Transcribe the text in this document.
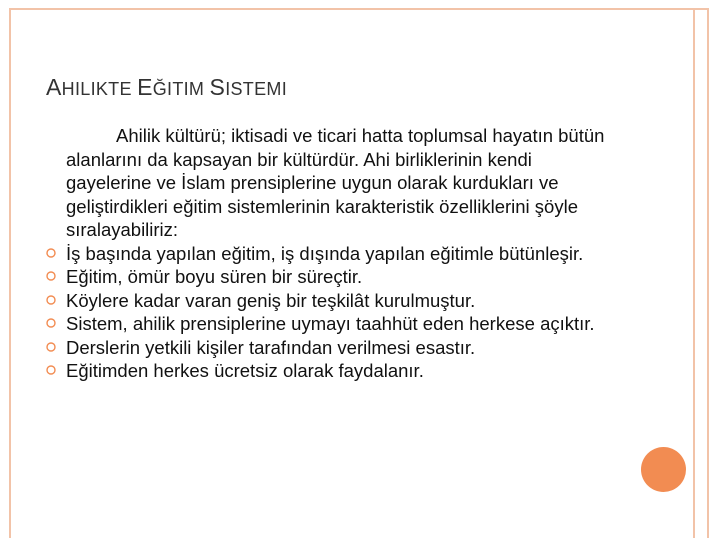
AHILIKTE EĞITIM SISTEMI

Ahilik kültürü; iktisadi ve ticari hatta toplumsal hayatın bütün alanlarını da kapsayan bir kültürdür. Ahi birliklerinin kendi gayelerine ve İslam prensiplerine uygun olarak kurdukları ve geliştirdikleri eğitim sistemlerinin karakteristik özelliklerini şöyle sıralayabiliriz:

İş başında yapılan eğitim, iş dışında yapılan eğitimle bütünleşir.
Eğitim, ömür boyu süren bir süreçtir.
Köylere kadar varan geniş bir teşkilât kurulmuştur.
Sistem, ahilik prensiplerine uymayı taahhüt eden herkese açıktır.
Derslerin yetkili kişiler tarafından verilmesi esastır.
Eğitimden herkes ücretsiz olarak faydalanır.
